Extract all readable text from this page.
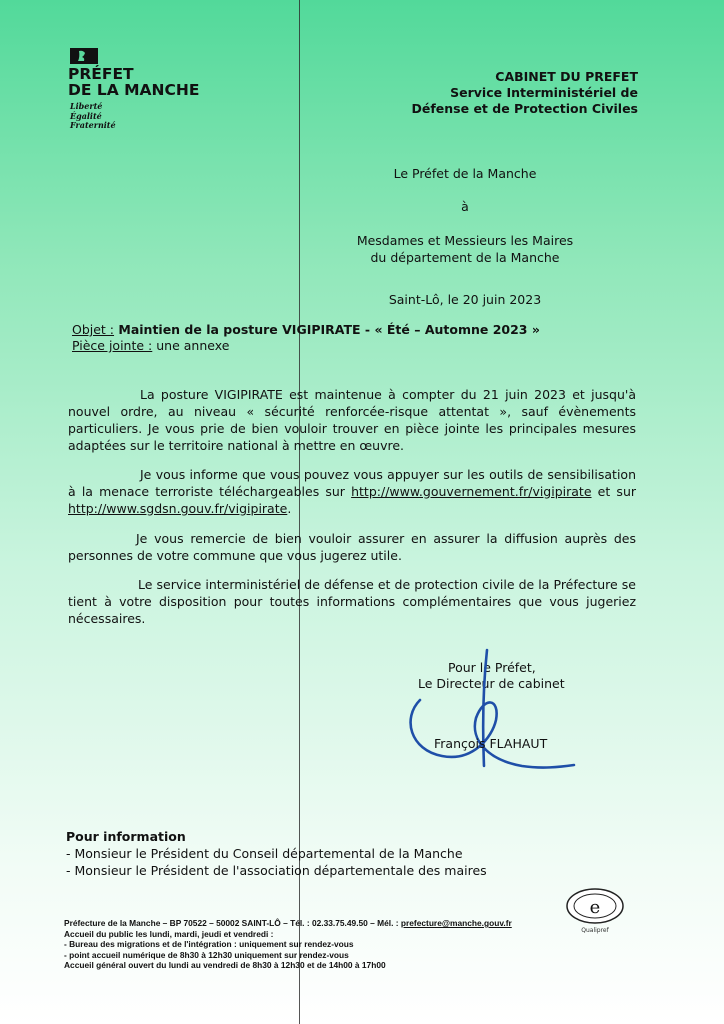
PRÉFET
DE LA MANCHE
Liberté
Égalité
Fraternité
CABINET DU PREFET
Service Interministériel de
Défense et de Protection Civiles
Le Préfet de la Manche
à
Mesdames et Messieurs les Maires
du département de la Manche
Saint-Lô, le 20 juin 2023
Objet : Maintien de la posture VIGIPIRATE - « Été – Automne 2023 »
Pièce jointe : une annexe

La posture VIGIPIRATE est maintenue à compter du 21 juin 2023 et jusqu'à nouvel ordre, au niveau « sécurité renforcée-risque attentat », sauf évènements particuliers. Je vous prie de bien vouloir trouver en pièce jointe les principales mesures adaptées sur le territoire national à mettre en œuvre.

Je vous informe que vous pouvez vous appuyer sur les outils de sensibilisation à la menace terroriste téléchargeables sur http://www.gouvernement.fr/vigipirate et sur http://www.sgdsn.gouv.fr/vigipirate.

Je vous remercie de bien vouloir assurer en assurer la diffusion auprès des personnes de votre commune que vous jugerez utile.

Le service interministériel de défense et de protection civile de la Préfecture se tient à votre disposition pour toutes informations complémentaires que vous jugeriez nécessaires.

Pour le Préfet,
Le Directeur de cabinet
François FLAHAUT
Pour information
- Monsieur le Président du Conseil départemental de la Manche
- Monsieur le Président de l'association départementale des maires
Préfecture de la Manche – BP 70522 – 50002 SAINT-LÔ – Tél. : 02.33.75.49.50 – Mél. : prefecture@manche.gouv.fr
Accueil du public les lundi, mardi, jeudi et vendredi :
- Bureau des migrations et de l'intégration : uniquement sur rendez-vous
- point accueil numérique de 8h30 à 12h30 uniquement sur rendez-vous
Accueil général ouvert du lundi au vendredi de 8h30 à 12h30 et de 14h00 à 17h00
e
Qualipref
